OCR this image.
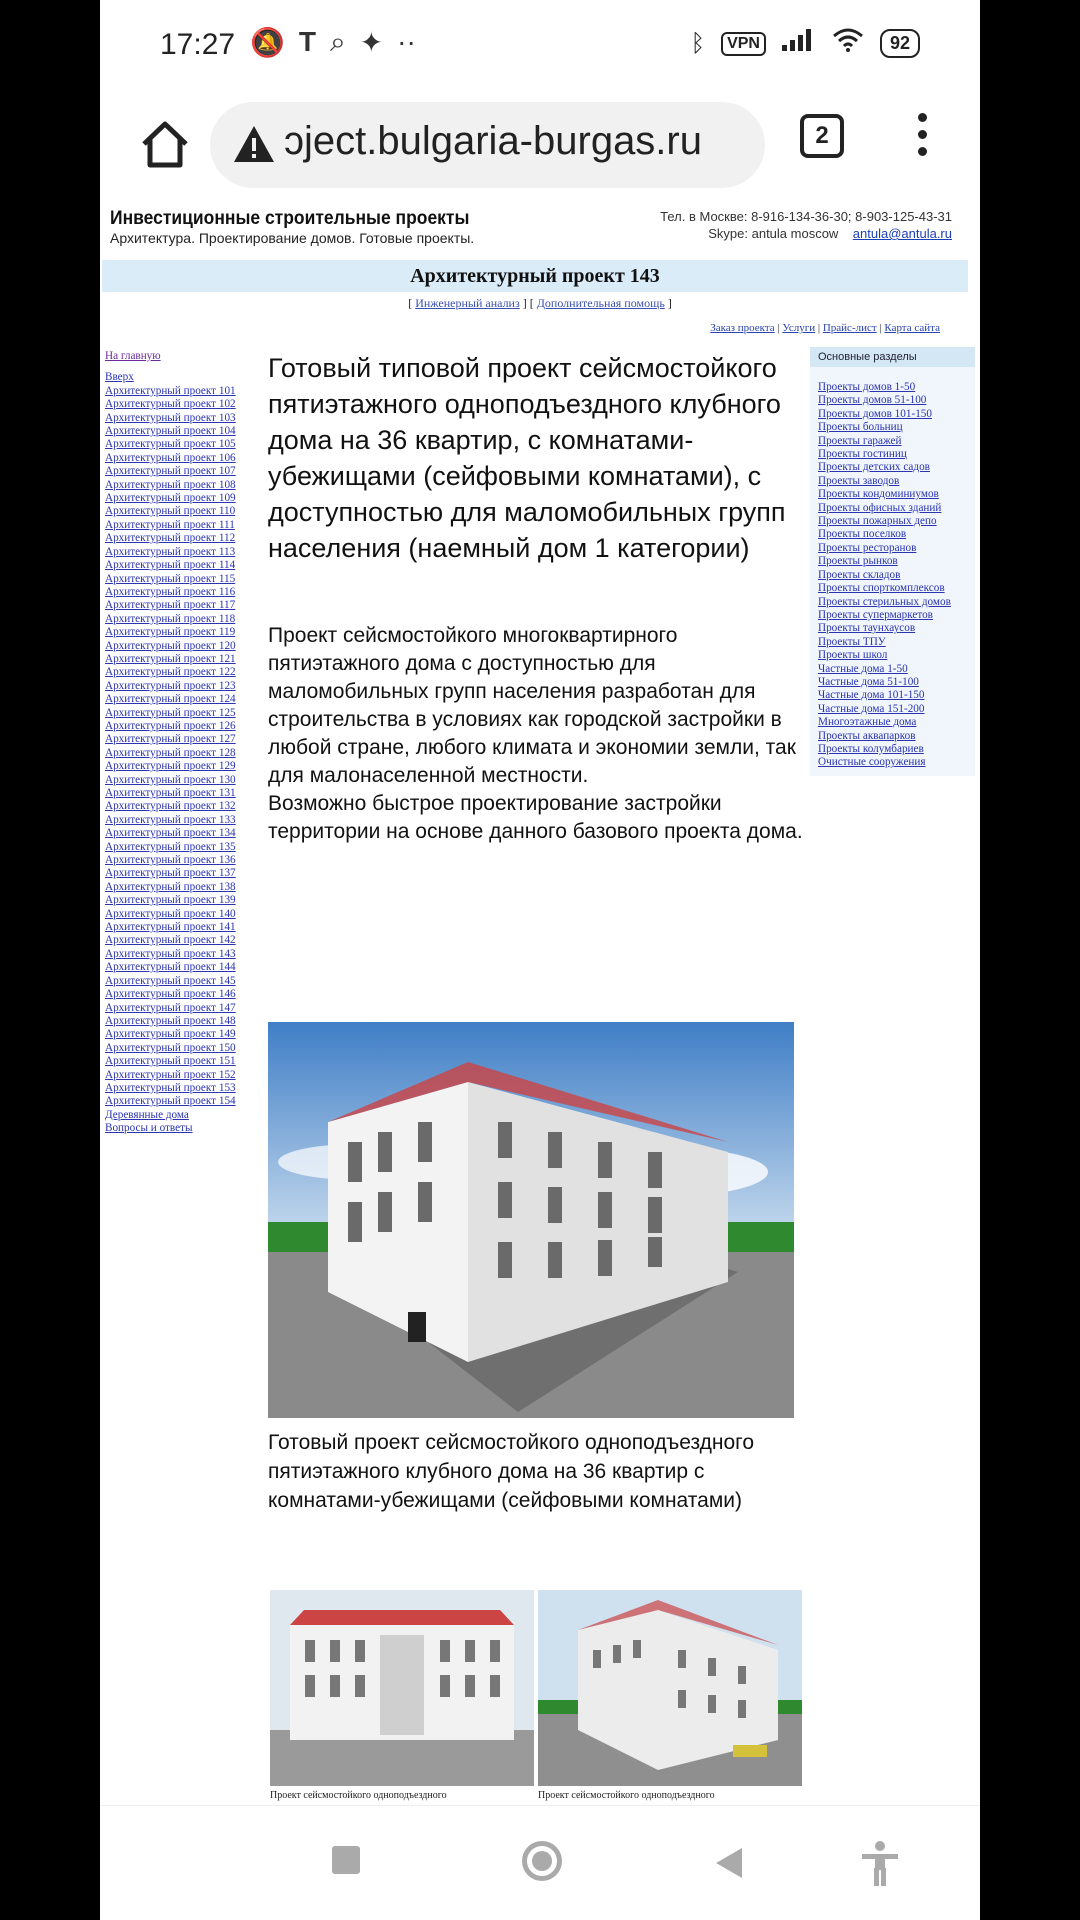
17:27 🔕 T ⌕ ✦ ··	ᛒ	VPN	92
ɔject.bulgaria-burgas.ru	2
Инвестиционные строительные проекты
Архитектура. Проектирование домов. Готовые проекты.
Тел. в Москве: 8-916-134-36-30; 8-903-125-43-31
Skype: antula moscow antula@antula.ru
Архитектурный проект 143
[ Инженерный анализ ] [ Дополнительная помощь ]
Заказ проекта | Услуги | Прайс-лист | Карта сайта
На главную
Вверх
Архитектурный проект 101
Архитектурный проект 102
Архитектурный проект 103
Архитектурный проект 104
Архитектурный проект 105
Архитектурный проект 106
Архитектурный проект 107
Архитектурный проект 108
Архитектурный проект 109
Архитектурный проект 110
Архитектурный проект 111
Архитектурный проект 112
Архитектурный проект 113
Архитектурный проект 114
Архитектурный проект 115
Архитектурный проект 116
Архитектурный проект 117
Архитектурный проект 118
Архитектурный проект 119
Архитектурный проект 120
Архитектурный проект 121
Архитектурный проект 122
Архитектурный проект 123
Архитектурный проект 124
Архитектурный проект 125
Архитектурный проект 126
Архитектурный проект 127
Архитектурный проект 128
Архитектурный проект 129
Архитектурный проект 130
Архитектурный проект 131
Архитектурный проект 132
Архитектурный проект 133
Архитектурный проект 134
Архитектурный проект 135
Архитектурный проект 136
Архитектурный проект 137
Архитектурный проект 138
Архитектурный проект 139
Архитектурный проект 140
Архитектурный проект 141
Архитектурный проект 142
Архитектурный проект 143
Архитектурный проект 144
Архитектурный проект 145
Архитектурный проект 146
Архитектурный проект 147
Архитектурный проект 148
Архитектурный проект 149
Архитектурный проект 150
Архитектурный проект 151
Архитектурный проект 152
Архитектурный проект 153
Архитектурный проект 154
Деревянные дома
Вопросы и ответы
Основные разделы
Проекты домов 1-50
Проекты домов 51-100
Проекты домов 101-150
Проекты больниц
Проекты гаражей
Проекты гостиниц
Проекты детских садов
Проекты заводов
Проекты кондоминиумов
Проекты офисных зданий
Проекты пожарных депо
Проекты поселков
Проекты ресторанов
Проекты рынков
Проекты складов
Проекты спорткомплексов
Проекты стерильных домов
Проекты супермаркетов
Проекты таунхаусов
Проекты ТПУ
Проекты школ
Частные дома 1-50
Частные дома 51-100
Частные дома 101-150
Частные дома 151-200
Многоэтажные дома
Проекты аквапарков
Проекты колумбариев
Очистные сооружения
Готовый типовой проект сейсмостойкого пятиэтажного одноподъездного клубного дома на 36 квартир, с комнатами-убежищами (сейфовыми комнатами), с доступностью для маломобильных групп населения (наемный дом 1 категории)

Проект сейсмостойкого многоквартирного пятиэтажного дома с доступностью для маломобильных групп населения разработан для строительства в условиях как городской застройки в любой стране, любого климата и экономии земли, так для малонаселенной местности.

Возможно быстрое проектирование застройки территории на основе данного базового проекта дома.

Готовый проект сейсмостойкого одноподъездного пятиэтажного клубного дома на 36 квартир с комнатами-убежищами (сейфовыми комнатами)
Проект сейсмостойкого одноподъездного	Проект сейсмостойкого одноподъездного
